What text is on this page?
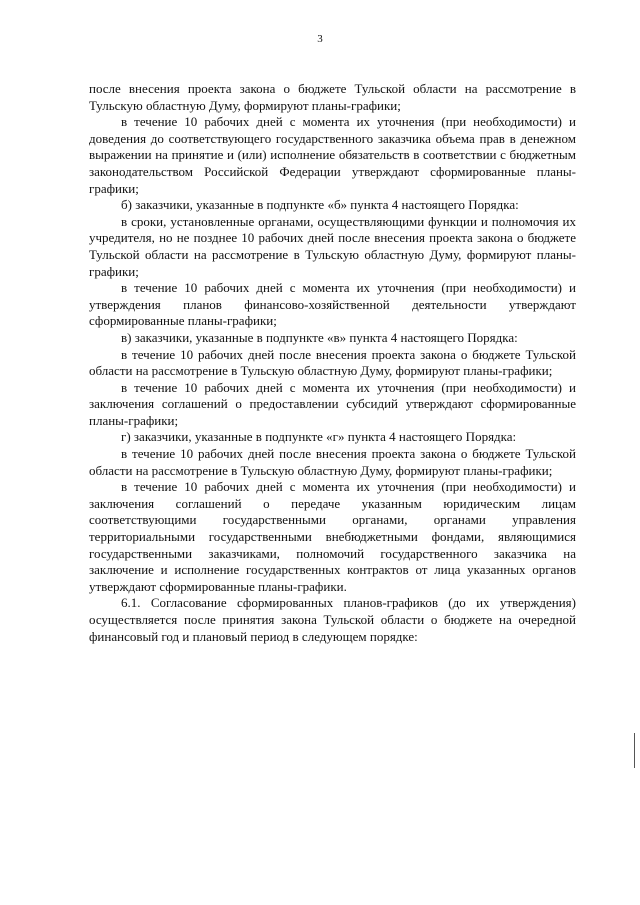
3

после внесения проекта закона о бюджете Тульской области на рассмотрение в Тульскую областную Думу, формируют планы-графики;

в течение 10 рабочих дней с момента их уточнения (при необходимости) и доведения до соответствующего государственного заказчика объема прав в денежном выражении на принятие и (или) исполнение обязательств в соответствии с бюджетным законодательством Российской Федерации утверждают сформированные планы-графики;

б) заказчики, указанные в подпункте «б» пункта 4 настоящего Порядка:

в сроки, установленные органами, осуществляющими функции и полномочия их учредителя, но не позднее 10 рабочих дней после внесения проекта закона о бюджете Тульской области на рассмотрение в Тульскую областную Думу, формируют планы-графики;

в течение 10 рабочих дней с момента их уточнения (при необходимости) и утверждения планов финансово-хозяйственной деятельности утверждают сформированные планы-графики;

в) заказчики, указанные в подпункте «в» пункта 4 настоящего Порядка:

в течение 10 рабочих дней после внесения проекта закона о бюджете Тульской области на рассмотрение в Тульскую областную Думу, формируют планы-графики;

в течение 10 рабочих дней с момента их уточнения (при необходимости) и заключения соглашений о предоставлении субсидий утверждают сформированные планы-графики;

г) заказчики, указанные в подпункте «г» пункта 4 настоящего Порядка:

в течение 10 рабочих дней после внесения проекта закона о бюджете Тульской области на рассмотрение в Тульскую областную Думу, формируют планы-графики;

в течение 10 рабочих дней с момента их уточнения (при необходимости) и заключения соглашений о передаче указанным юридическим лицам соответствующими государственными органами, органами управления территориальными государственными внебюджетными фондами, являющимися государственными заказчиками, полномочий государственного заказчика на заключение и исполнение государственных контрактов от лица указанных органов утверждают сформированные планы-графики.

6.1. Согласование сформированных планов-графиков (до их утверждения) осуществляется после принятия закона Тульской области о бюджете на очередной финансовый год и плановый период в следующем порядке:
